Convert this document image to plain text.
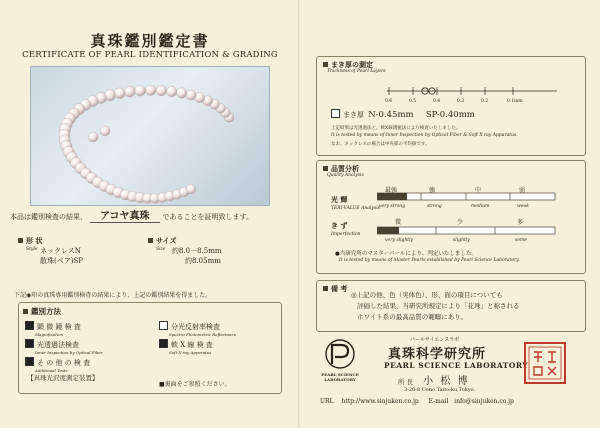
真珠鑑別鑑定書
CERTIFICATE OF PEARL IDENTIFICATION & GRADING
本品は鑑別検査の結果、 アコヤ真珠 であることを証明致します。
形 状
Style ネックレスN
散珠(ペア)SP
サイズ
Size 約8.0－8.5mm
約8.05mm
下記◉印の真珠専用鑑別検査の結果により、上記の鑑別結果を得ました。
鑑別方法
顕 微 鏡 検 査
Magnification
光透過法検査
Inner Inspection by Optical Fiber
そ の 他 の 検 査
Additional Tests
分光反射率検査
Spectro Photometric Reflectance
軟 X 線 検 査
Soft X-ray Apparatus
【真珠光沢度測定装置】
■裏面をご参照ください。
まき厚の測定
Thickness of Pearl Layers
0.6	0.5	0.4	0.3	0.2	0.1mm
まき厚 N-0.45mm SP-0.40mm
上記結果は光透過法と、軟X線透視法により検査いたしました。
It is tested by means of Inner Inspection by Optical Fiber & Soft X-ray Apparatus.
なお、ネックレスの場合は中央部の平均値です。
品質分析
Quality Analysis
光 輝
TERI-VALUE Analysis
最強	強	中	弱
very strong	strong	medium	weak
き ず
Imperfection
微	少	多
very slightly	slightly	some
●当研究所のマスターパールにより、判定いたしました。
It is tested by means of Master Pearls established by Pearl Science Laboratory.
備 考
◎上記の他、色（実体色）、形、面の項目についても
評価した結果、当研究所規定により「花珠」と称される
ホワイト系の最高品質の範疇にあり。
PEARL SCIENCE
LABORATORY
パールサイエンスラボ
真珠科学研究所
PEARL SCIENCE LABORATORY
所 長 小 松 博
3-20-8 Ueno Taito-ku,Tokyo.
URL http://www.sinjuken.co.jp E-mail info@sinjuken.co.jp
